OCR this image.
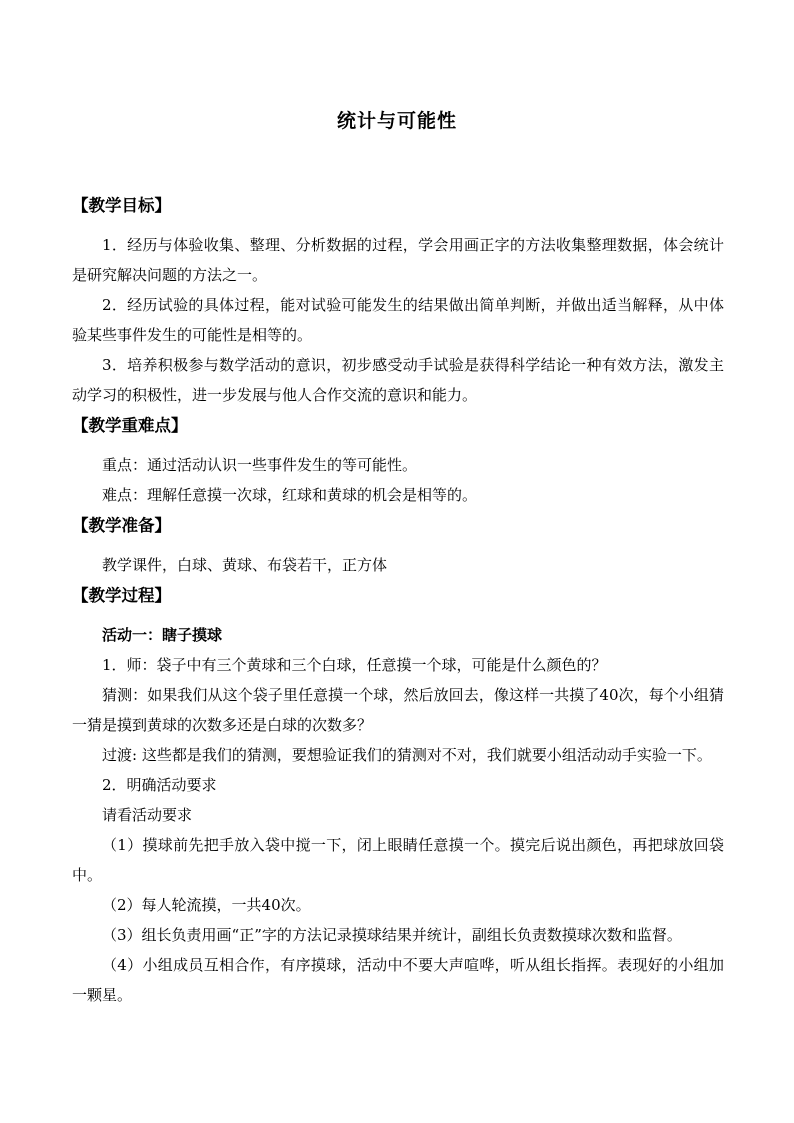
统计与可能性

【教学目标】

1．经历与体验收集、整理、分析数据的过程，学会用画正字的方法收集整理数据，体会统计是研究解决问题的方法之一。

2．经历试验的具体过程，能对试验可能发生的结果做出简单判断，并做出适当解释，从中体验某些事件发生的可能性是相等的。

3．培养积极参与数学活动的意识，初步感受动手试验是获得科学结论一种有效方法，激发主动学习的积极性，进一步发展与他人合作交流的意识和能力。

【教学重难点】

重点：通过活动认识一些事件发生的等可能性。

难点：理解任意摸一次球，红球和黄球的机会是相等的。

【教学准备】

教学课件，白球、黄球、布袋若干，正方体

【教学过程】

活动一：瞎子摸球

1．师：袋子中有三个黄球和三个白球，任意摸一个球，可能是什么颜色的？

猜测：如果我们从这个袋子里任意摸一个球，然后放回去，像这样一共摸了40次，每个小组猜一猜是摸到黄球的次数多还是白球的次数多？

过渡: 这些都是我们的猜测，要想验证我们的猜测对不对，我们就要小组活动动手实验一下。

2．明确活动要求

请看活动要求

（1）摸球前先把手放入袋中搅一下，闭上眼睛任意摸一个。摸完后说出颜色，再把球放回袋中。

（2）每人轮流摸，一共40次。

（3）组长负责用画“正”字的方法记录摸球结果并统计，副组长负责数摸球次数和监督。

（4）小组成员互相合作，有序摸球，活动中不要大声喧哗，听从组长指挥。表现好的小组加一颗星。
